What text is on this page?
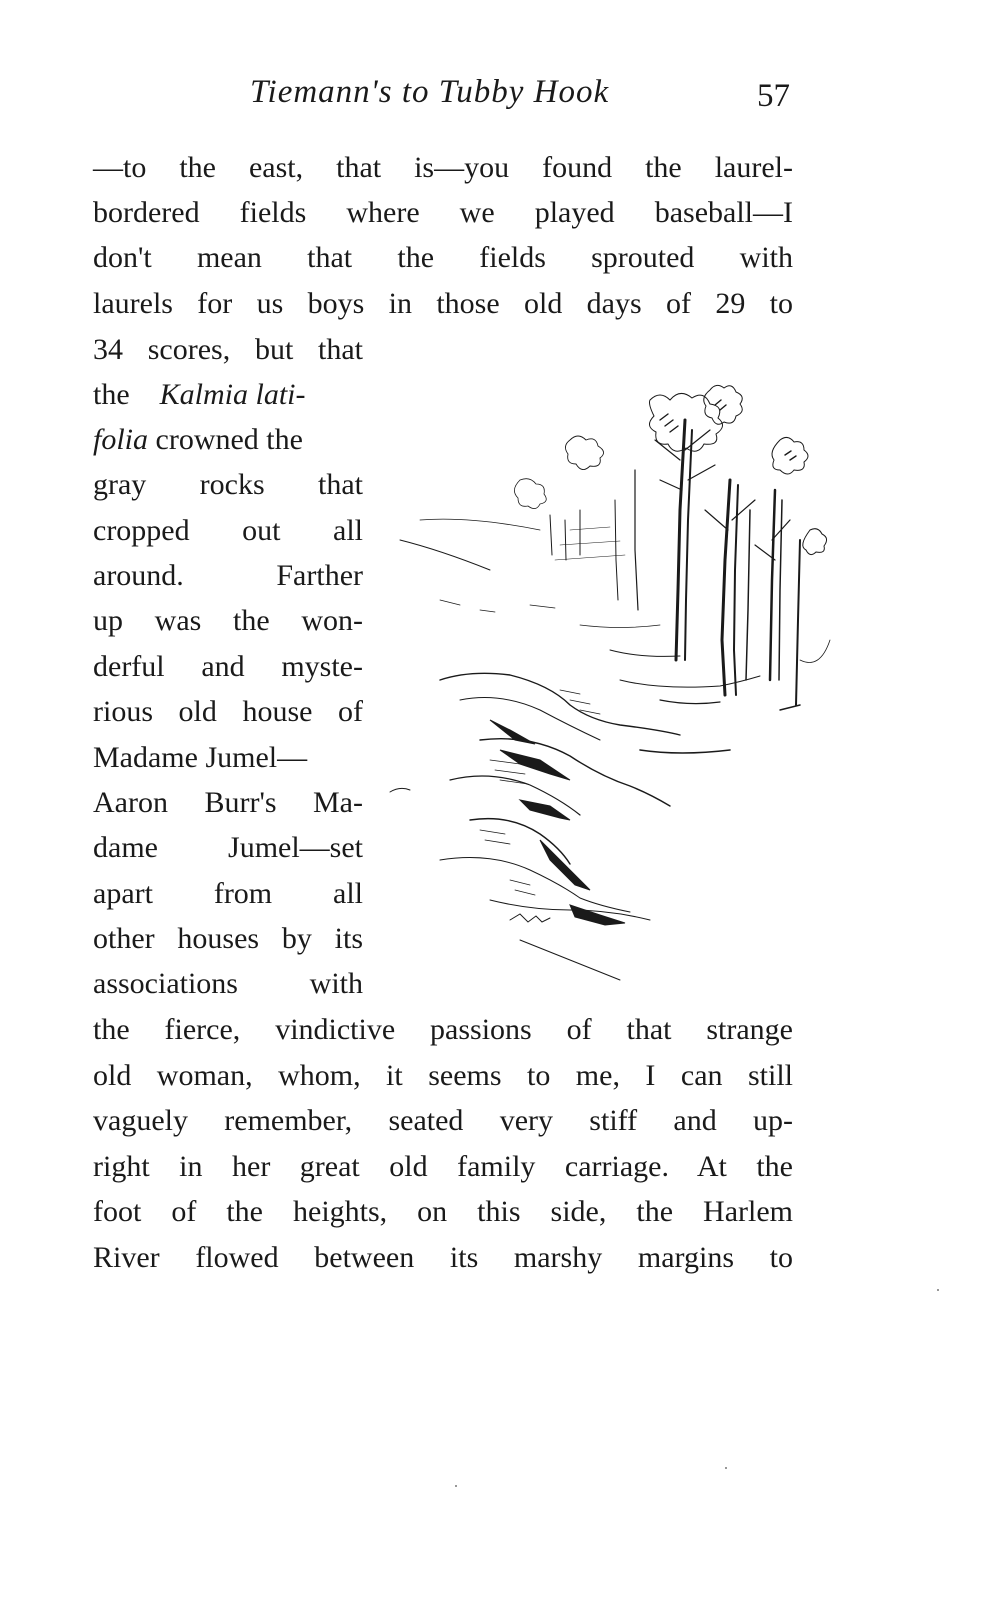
Tiemann's to Tubby Hook	57
—to the east, that is—you found the laurel-
bordered fields where we played baseball—I
don't mean that the fields sprouted with
laurels for us boys in those old days of 29 to
34 scores, but that
the Kalmia lati-
folia crowned the
gray rocks that
cropped out all
around. Farther
up was the won-
derful and myste-
rious old house of
Madame Jumel—
Aaron Burr's Ma-
dame Jumel—set
apart from all
other houses by its
associations with
the fierce, vindictive passions of that strange
old woman, whom, it seems to me, I can still
vaguely remember, seated very stiff and up-
right in her great old family carriage. At the
foot of the heights, on this side, the Harlem
River flowed between its marshy margins to
